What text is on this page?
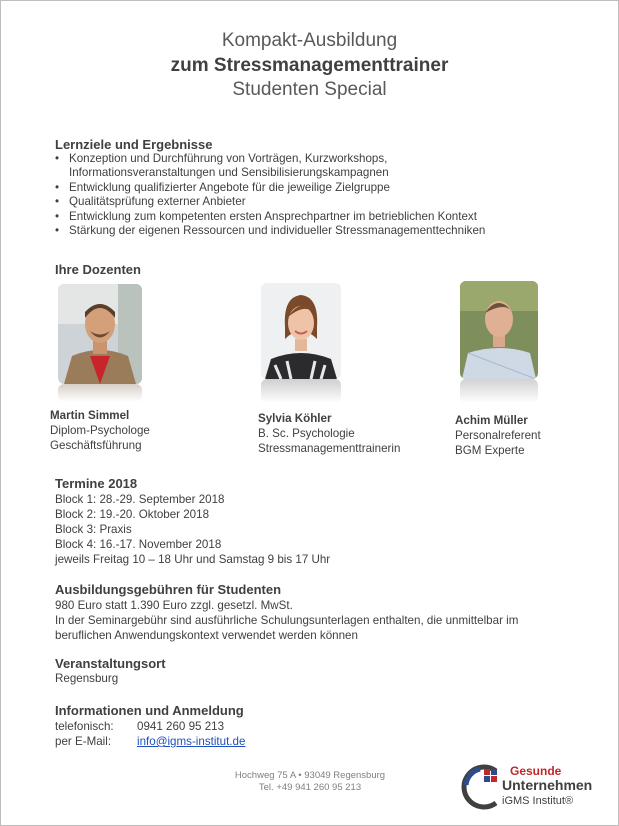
Kompakt-Ausbildung
zum Stressmanagementtrainer
Studenten Special
Lernziele und Ergebnisse
• Konzeption und Durchführung von Vorträgen, Kurzworkshops,
Informationsveranstaltungen und Sensibilisierungskampagnen
• Entwicklung qualifizierter Angebote für die jeweilige Zielgruppe
• Qualitätsprüfung externer Anbieter
• Entwicklung zum kompetenten ersten Ansprechpartner im betrieblichen Kontext
• Stärkung der eigenen Ressourcen und individueller Stressmanagementtechniken
Ihre Dozenten
Martin Simmel
Diplom-Psychologe
Geschäftsführung
Sylvia Köhler
B. Sc. Psychologie
Stressmanagementtrainerin
Achim Müller
Personalreferent
BGM Experte
Termine 2018
Block 1: 28.-29. September 2018
Block 2: 19.-20. Oktober 2018
Block 3: Praxis
Block 4: 16.-17. November 2018
jeweils Freitag 10 – 18 Uhr und Samstag 9 bis 17 Uhr
Ausbildungsgebühren für Studenten
980 Euro statt 1.390 Euro zzgl. gesetzl. MwSt.
In der Seminargebühr sind ausführliche Schulungsunterlagen enthalten, die unmittelbar im
beruflichen Anwendungskontext verwendet werden können
Veranstaltungsort
Regensburg
Informationen und Anmeldung
telefonisch: 0941 260 95 213
per E-Mail: info@igms-institut.de
Hochweg 75 A • 93049 Regensburg
Tel. +49 941 260 95 213
Gesunde
Unternehmen
iGMS Institut®
